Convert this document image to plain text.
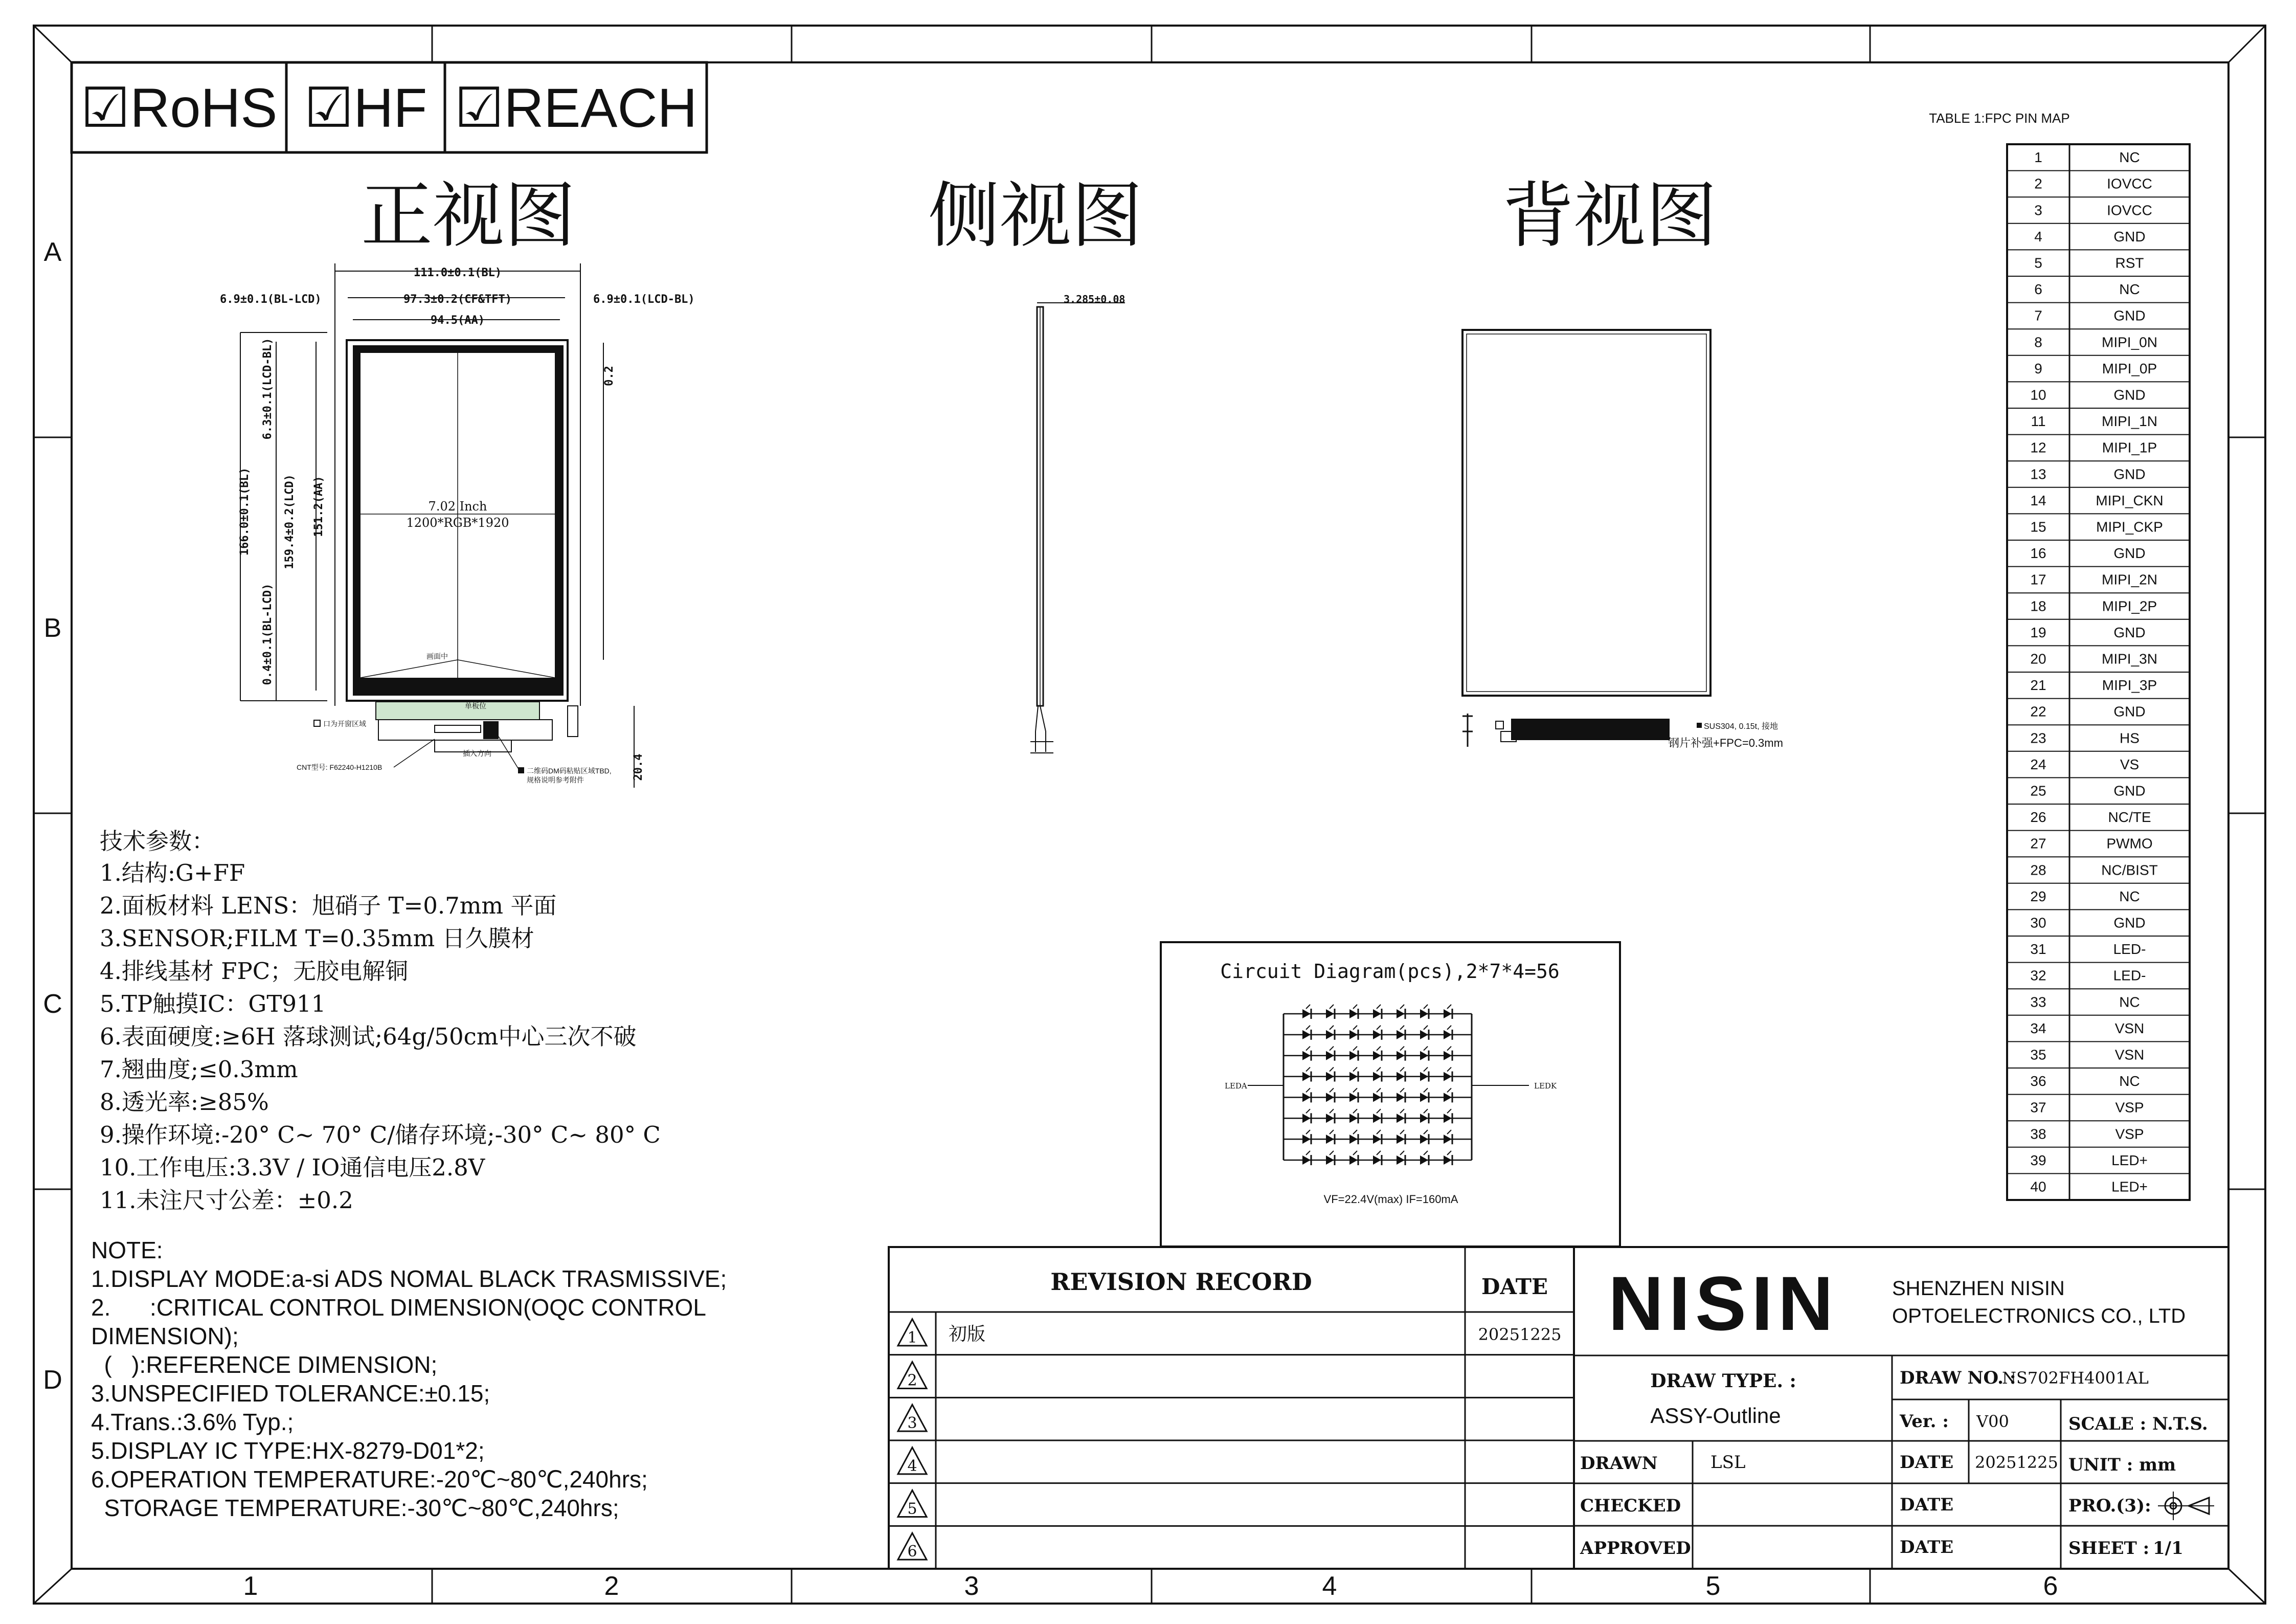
1	2	3	4	5	6
A
B
C
D
☑RoHS ☑HF ☑REACH
正视图	侧视图	背视图
111.0±0.1(BL)
97.3±0.2(CF&TFT)
94.5(AA)
6.9±0.1(BL-LCD)	6.9±0.1(LCD-BL)
0.2
166.0±0.1(BL)
6.3±0.1(LCD-BL)
0.4±0.1(BL-LCD)
159.4±0.2(LCD) 151.2(AA)
20.4
7.02 Inch
1200*RGB*1920
画面中
单板位
口为开窗区域
CNT型号: F62240-H1210B
插入方向
二维码DM码粘贴区域TBD,
规格说明参考附件
3.285±0.08
SUS304, 0.15t, 接地
钢片补强+FPC=0.3mm
技术参数：
1.结构:G+FF
2.面板材料 LENS：旭硝子 T=0.7mm 平面
3.SENSOR;FILM T=0.35mm 日久膜材
4.排线基材 FPC；无胶电解铜
5.TP触摸IC：GT911
6.表面硬度:≥6H 落球测试;64g/50cm中心三次不破
7.翘曲度;≤0.3mm
8.透光率:≥85%
9.操作环境:-20° C~ 70° C/储存环境;-30° C~ 80° C
10.工作电压:3.3V / IO通信电压2.8V
11.未注尺寸公差：±0.2
NOTE:
1.DISPLAY MODE:a-si ADS NOMAL BLACK TRASMISSIVE;
2.      :CRITICAL CONTROL DIMENSION(OQC CONTROL
DIMENSION);
(   ):REFERENCE DIMENSION;
3.UNSPECIFIED TOLERANCE:±0.15;
4.Trans.:3.6% Typ.;
5.DISPLAY IC TYPE:HX-8279-D01*2;
6.OPERATION TEMPERATURE:-20℃~80℃,240hrs;
STORAGE TEMPERATURE:-30℃~80℃,240hrs;
Circuit Diagram(pcs),2*7*4=56
LEDA	LEDK
VF=22.4V(max) IF=160mA
TABLE 1:FPC PIN MAP
1	NC
2	IOVCC
3	IOVCC
4	GND
5	RST
6	NC
7	GND
8	MIPI_0N
9	MIPI_0P
10	GND
11	MIPI_1N
12	MIPI_1P
13	GND
14	MIPI_CKN
15	MIPI_CKP
16	GND
17	MIPI_2N
18	MIPI_2P
19	GND
20	MIPI_3N
21	MIPI_3P
22	GND
23	HS
24	VS
25	GND
26	NC/TE
27	PWMO
28	NC/BIST
29	NC
30	GND
31	LED-
32	LED-
33	NC
34	VSN
35	VSN
36	NC
37	VSP
38	VSP
39	LED+
40	LED+
REVISION RECORD	DATE
1 初版	20251225
2
3
4
5
6
NISIN	SHENZHEN NISIN
OPTOELECTRONICS CO., LTD
DRAW TYPE. :
ASSY-Outline
DRAW NO. :
NS702FH4001AL
Ver. : V00	SCALE : N.T.S.
DRAWN	LSL	DATE 20251225 UNIT : mm
CHECKED	DATE	PRO.(3):
APPROVED	DATE	SHEET : 1/1
